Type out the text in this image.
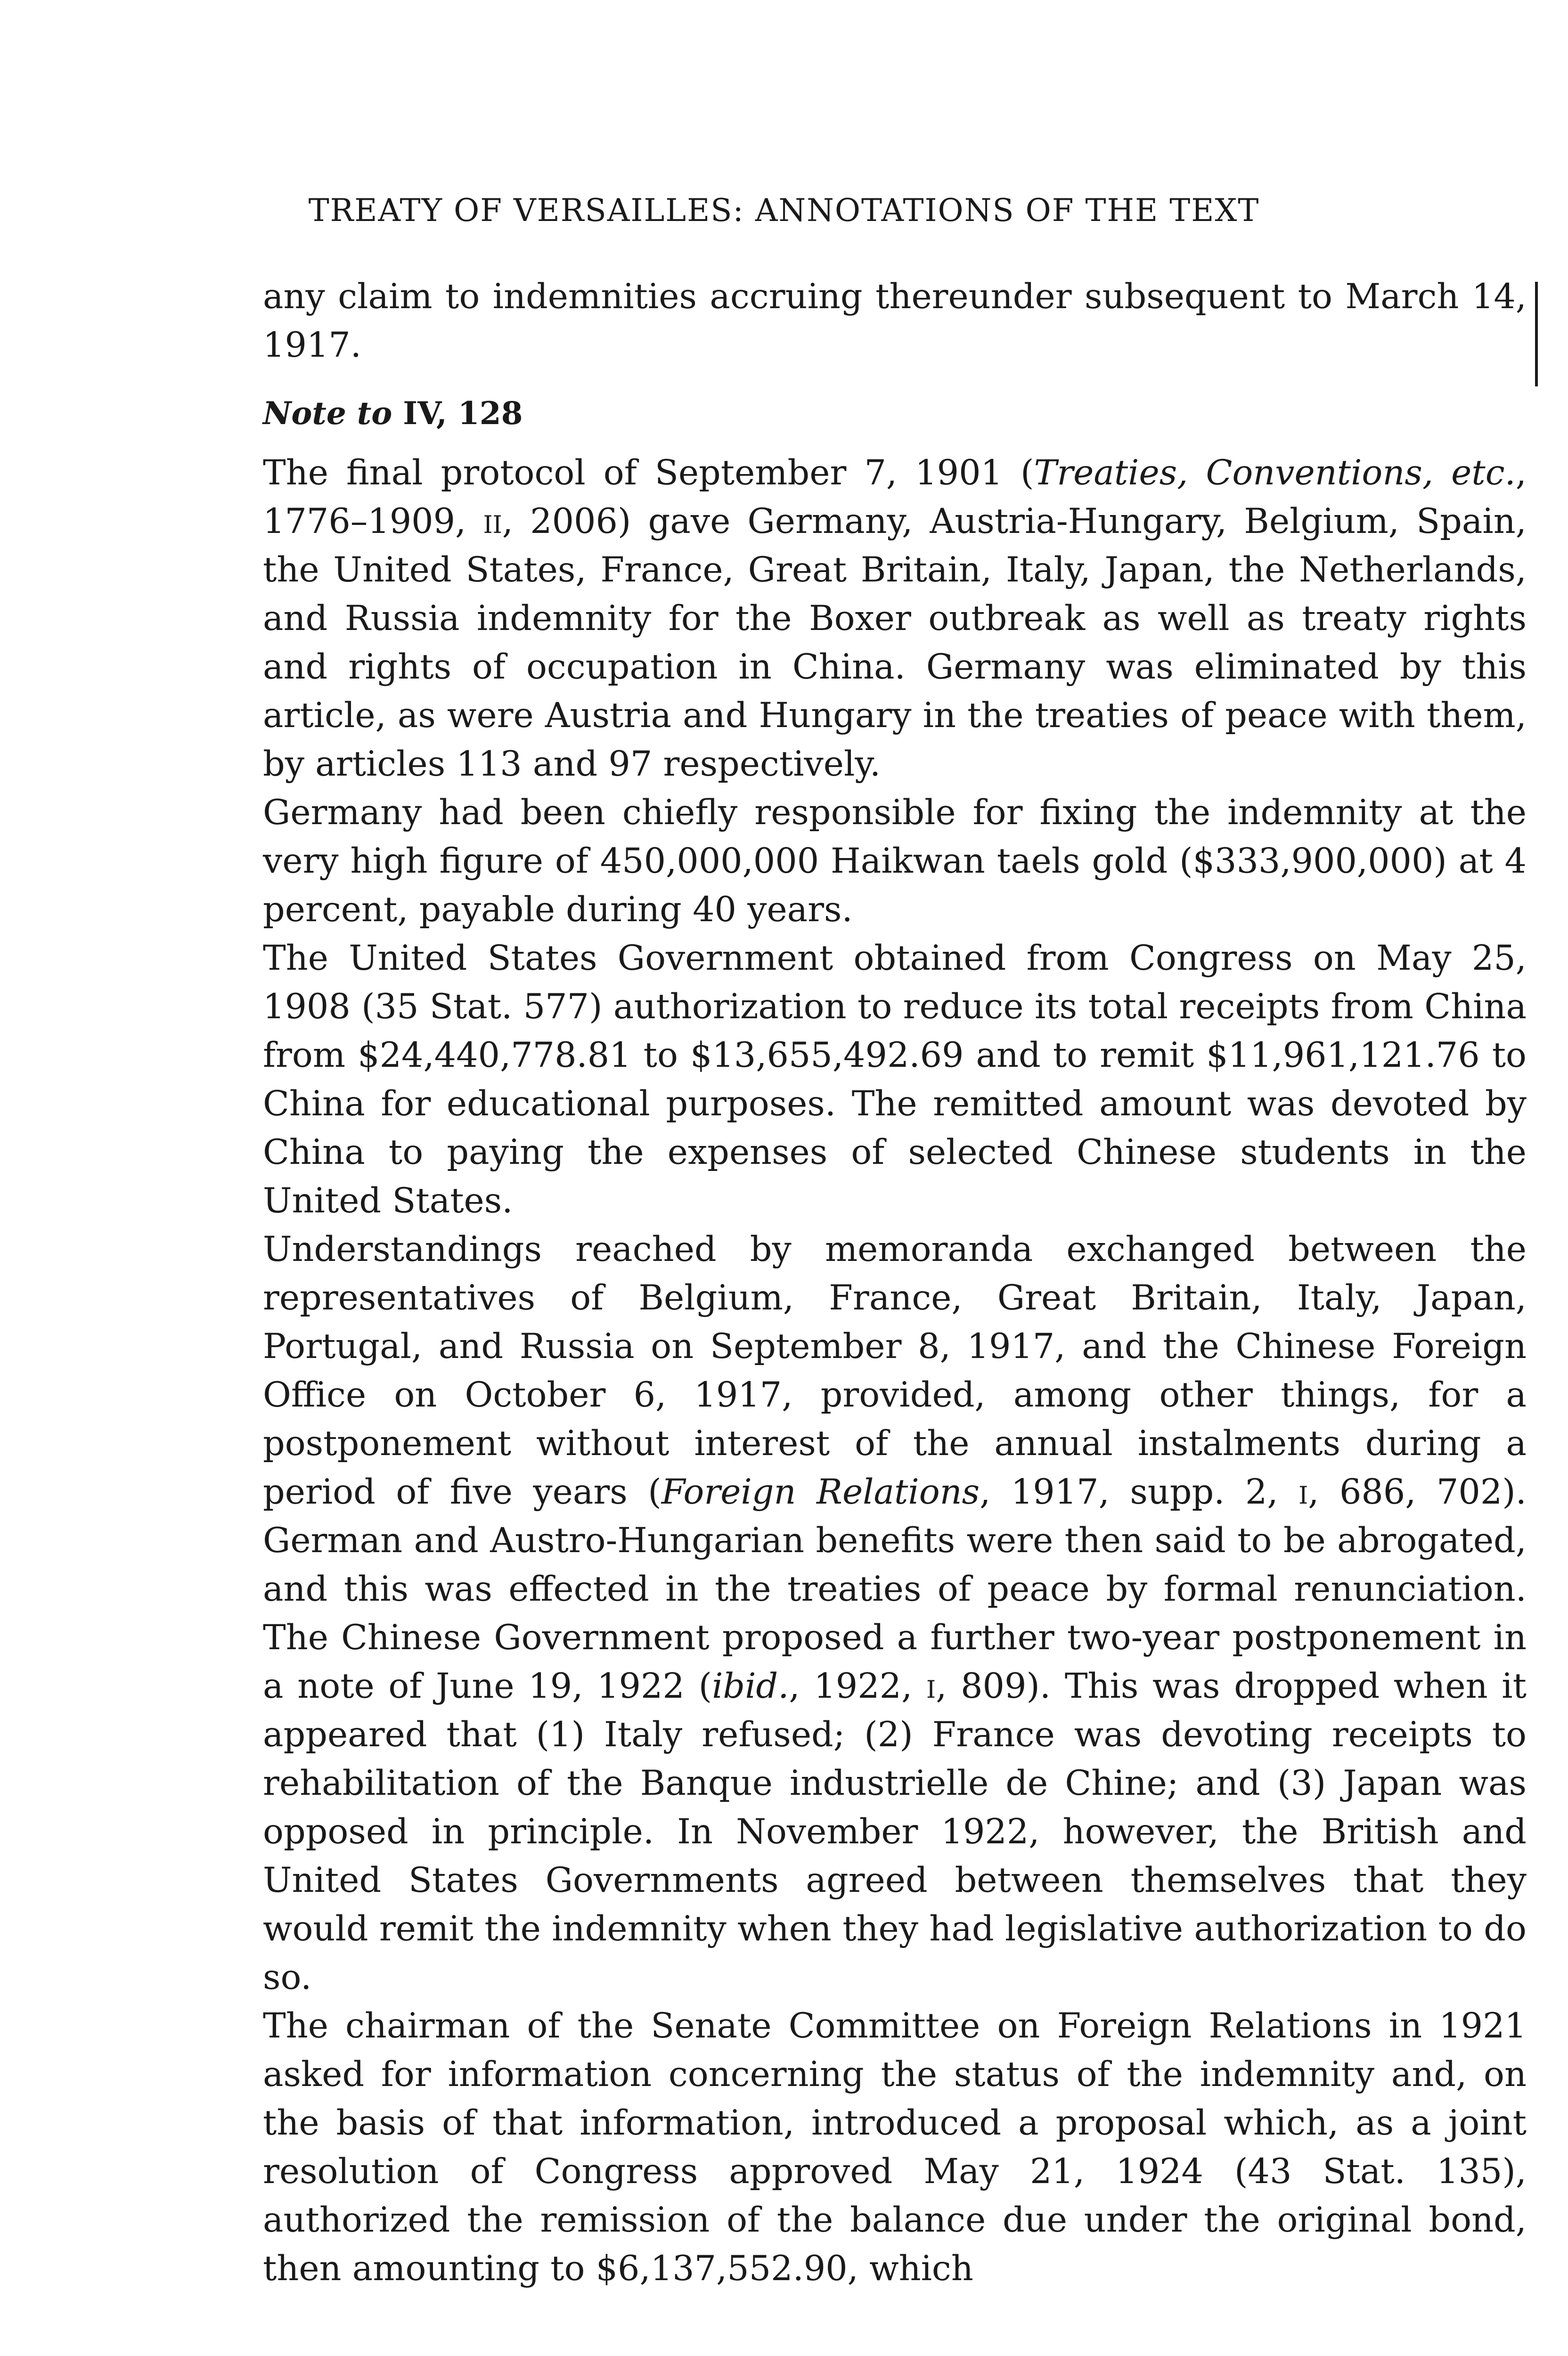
TREATY OF VERSAILLES: ANNOTATIONS OF THE TEXT

any claim to indemnities accruing thereunder subsequent to March 14, 1917.

Note to IV, 128

The final protocol of September 7, 1901 (Treaties, Conventions, etc., 1776–1909, ii, 2006) gave Germany, Austria-Hungary, Belgium, Spain, the United States, France, Great Britain, Italy, Japan, the Netherlands, and Russia indemnity for the Boxer outbreak as well as treaty rights and rights of occupation in China. Germany was eliminated by this article, as were Austria and Hungary in the treaties of peace with them, by articles 113 and 97 respectively.

Germany had been chiefly responsible for fixing the indemnity at the very high figure of 450,000,000 Haikwan taels gold ($333,900,000) at 4 percent, payable during 40 years.

The United States Government obtained from Congress on May 25, 1908 (35 Stat. 577) authorization to reduce its total receipts from China from $24,440,778.81 to $13,655,492.69 and to remit $11,961,121.76 to China for educational purposes. The remitted amount was devoted by China to paying the expenses of selected Chinese students in the United States.

Understandings reached by memoranda exchanged between the representatives of Belgium, France, Great Britain, Italy, Japan, Portugal, and Russia on September 8, 1917, and the Chinese Foreign Office on October 6, 1917, provided, among other things, for a postponement without interest of the annual instalments during a period of five years (Foreign Relations, 1917, supp. 2, i, 686, 702). German and Austro-Hungarian benefits were then said to be abrogated, and this was effected in the treaties of peace by formal renunciation. The Chinese Government proposed a further two-year postponement in a note of June 19, 1922 (ibid., 1922, i, 809). This was dropped when it appeared that (1) Italy refused; (2) France was devoting receipts to rehabilitation of the Banque industrielle de Chine; and (3) Japan was opposed in principle. In November 1922, however, the British and United States Governments agreed between themselves that they would remit the indemnity when they had legislative authorization to do so.

The chairman of the Senate Committee on Foreign Relations in 1921 asked for information concerning the status of the indemnity and, on the basis of that information, introduced a proposal which, as a joint resolution of Congress approved May 21, 1924 (43 Stat. 135), authorized the remission of the balance due under the original bond, then amounting to $6,137,552.90, which
